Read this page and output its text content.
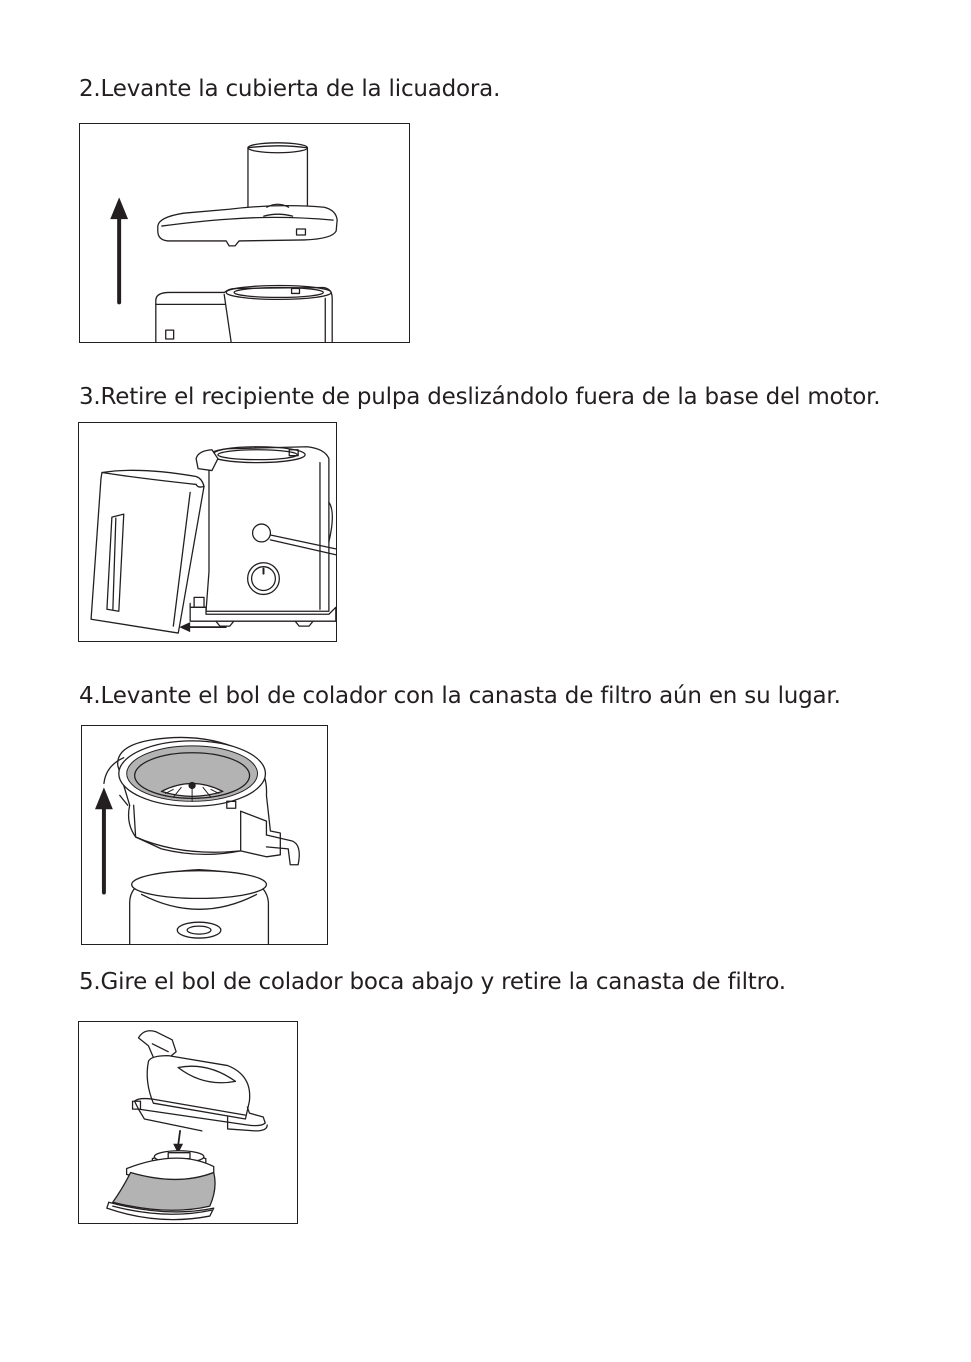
2.Levante la cubierta de la licuadora.
3.Retire el recipiente de pulpa deslizándolo fuera de la base del motor.
4.Levante el bol de colador con la canasta de filtro aún en su lugar.
5.Gire el bol de colador boca abajo y retire la canasta de filtro.
